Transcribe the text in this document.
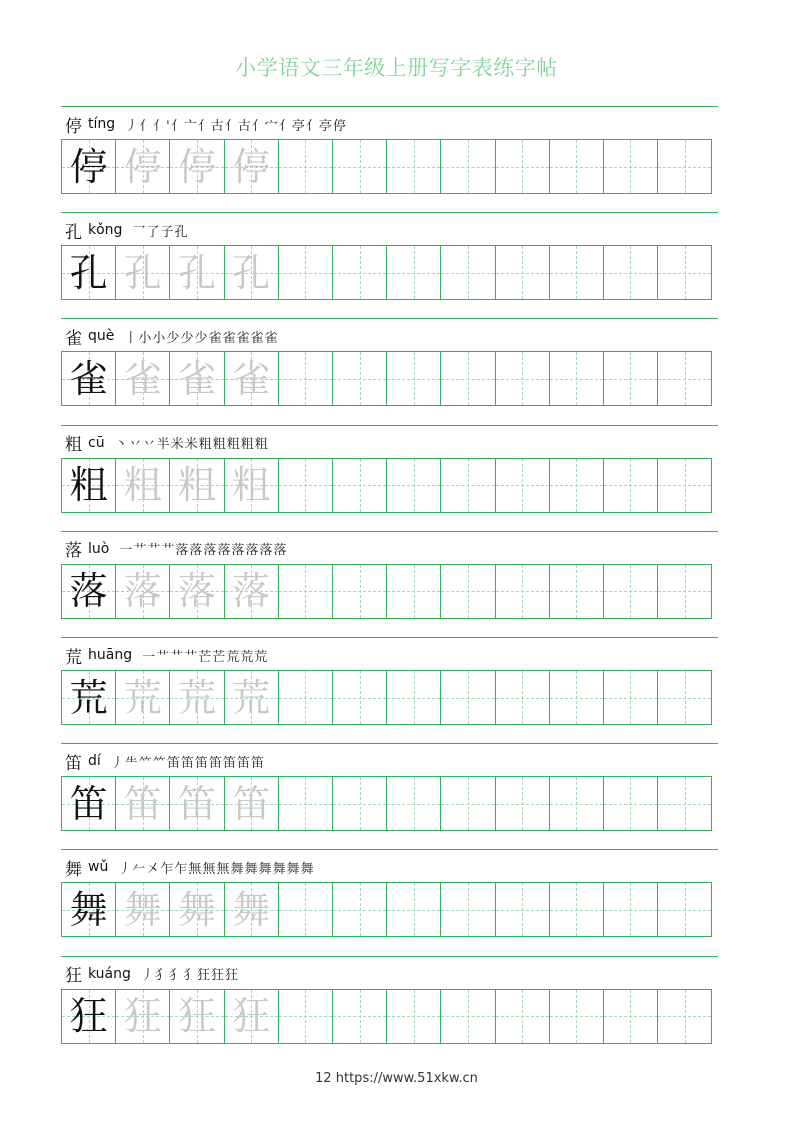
小学语文三年级上册写字表练字帖
停 tíng 丿 亻 亻' 亻亠 亻古 亻古 亻宀 亻亭 亻亭 停
停 停 停 停
孔 kǒng 乛 了 子 孔
孔 孔 孔 孔
雀 què 丨 小 小 少 少 少 雀 雀 雀 雀 雀
雀 雀 雀 雀
粗 cū 丶 丷 丷 半 米 米 粗 粗 粗 粗 粗
粗 粗 粗 粗
落 luò 一 艹 艹 艹 落 落 落 落 落 落 落 落
落 落 落 落
荒 huāng 一 艹 艹 艹 芒 芒 荒 荒 荒
荒 荒 荒 荒
笛 dí 丿 ⺧ ⺮ ⺮ 笛 笛 笛 笛 笛 笛 笛
笛 笛 笛 笛
舞 wǔ 丿 𠂉 㐅 乍 乍 無 無 無 舞 舞 舞 舞 舞 舞
舞 舞 舞 舞
狂 kuáng 丿 犭 犭 犭 狂 狂 狂
狂 狂 狂 狂
12 https://www.51xkw.cn
